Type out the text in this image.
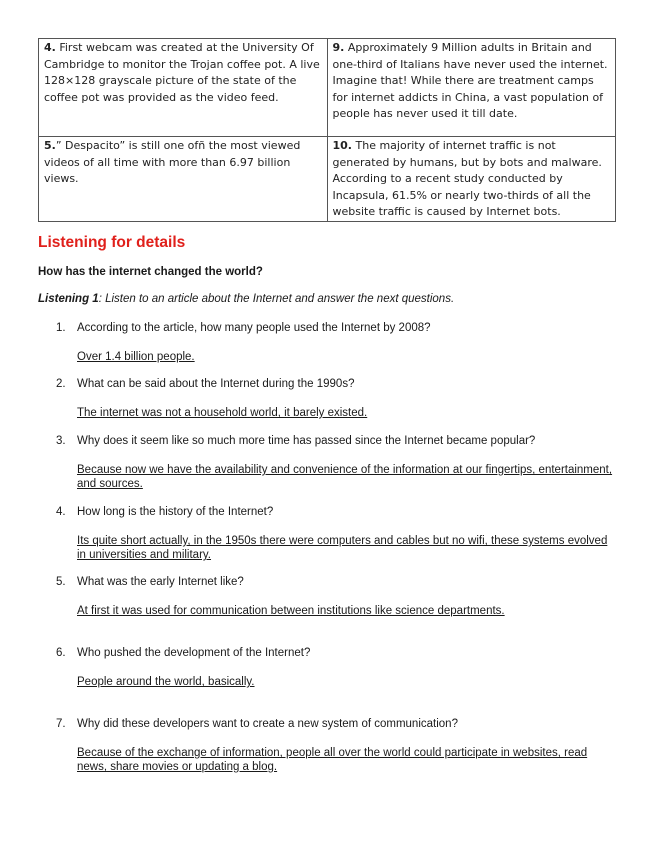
4. First webcam was created at the University Of Cambridge to monitor the Trojan coffee pot. A live 128×128 grayscale picture of the state of the coffee pot was provided as the video feed.	9. Approximately 9 Million adults in Britain and one-third of Italians have never used the internet. Imagine that! While there are treatment camps for internet addicts in China, a vast population of people has never used it till date.
5.” Despacito” is still one ofñ the most viewed videos of all time with more than 6.97 billion views.	10. The majority of internet traffic is not generated by humans, but by bots and malware. According to a recent study conducted by Incapsula, 61.5% or nearly two-thirds of all the website traffic is caused by Internet bots.
Listening for details

How has the internet changed the world?

Listening 1: Listen to an article about the Internet and answer the next questions.

1. According to the article, how many people used the Internet by 2008?
Over 1.4 billion people.
2. What can be said about the Internet during the 1990s?
The internet was not a household world, it barely existed.
3. Why does it seem like so much more time has passed since the Internet became popular?
Because now we have the availability and convenience of the information at our fingertips, entertainment, and sources.
4. How long is the history of the Internet?
Its quite short actually, in the 1950s there were computers and cables but no wifi, these systems evolved in universities and military.
5. What was the early Internet like?
At first it was used for communication between institutions like science departments.
6. Who pushed the development of the Internet?
People around the world, basically.
7. Why did these developers want to create a new system of communication?
Because of the exchange of information, people all over the world could participate in websites, read news, share movies or updating a blog.
